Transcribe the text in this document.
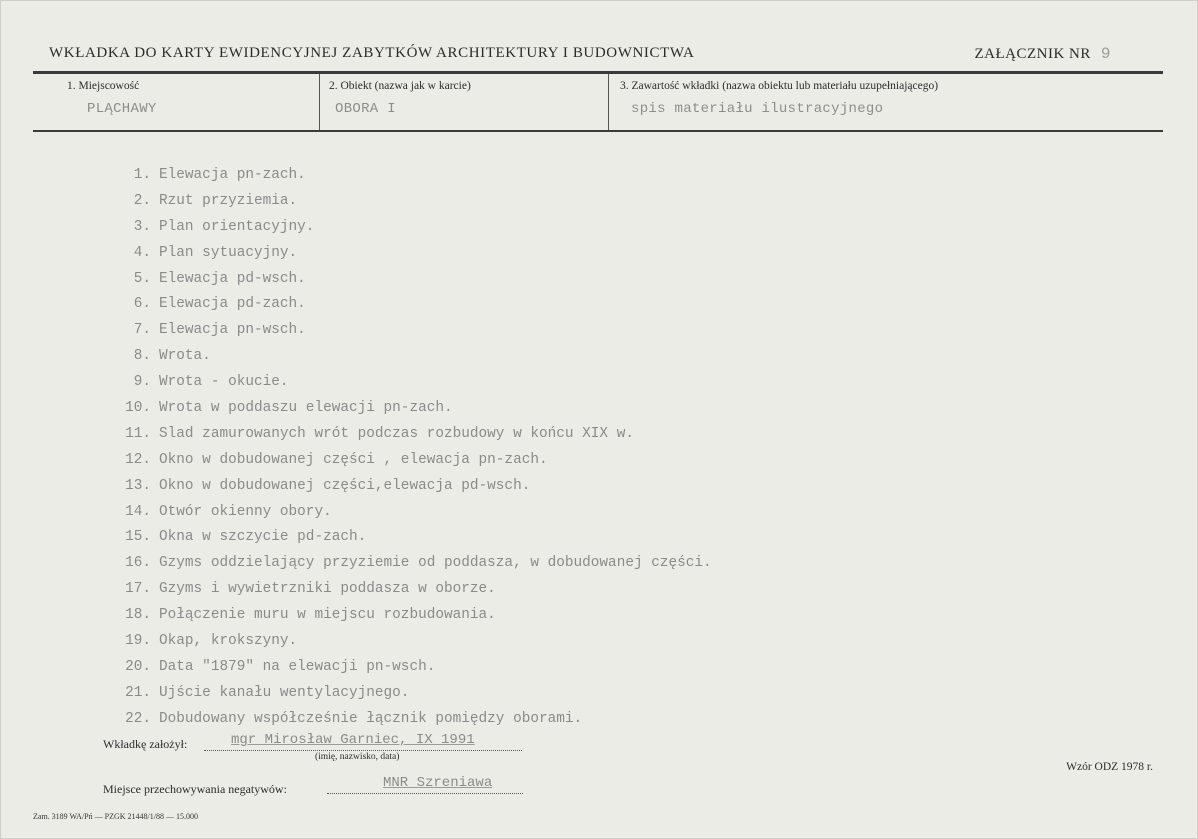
WKŁADKA DO KARTY EWIDENCYJNEJ ZABYTKÓW ARCHITEKTURY I BUDOWNICTWA	ZAŁĄCZNIK NR 9
1. Miejscowość
PLĄCHAWY
2. Obiekt (nazwa jak w karcie)
OBORA I
3. Zawartość wkładki (nazwa obiektu lub materiału uzupełniającego)
spis materiału ilustracyjnego
1. Elewacja pn-zach.
2. Rzut przyziemia.
3. Plan orientacyjny.
4. Plan sytuacyjny.
5. Elewacja pd-wsch.
6. Elewacja pd-zach.
7. Elewacja pn-wsch.
8. Wrota.
9. Wrota - okucie.
10. Wrota w poddaszu elewacji pn-zach.
11. Slad zamurowanych wrót podczas rozbudowy w końcu XIX w.
12. Okno w dobudowanej części , elewacja pn-zach.
13. Okno w dobudowanej części,elewacja pd-wsch.
14. Otwór okienny obory.
15. Okna w szczycie pd-zach.
16. Gzyms oddzielający przyziemie od poddasza, w dobudowanej części.
17. Gzyms i wywietrzniki poddasza w oborze.
18. Połączenie muru w miejscu rozbudowania.
19. Okap, krokszyny.
20. Data "1879" na elewacji pn-wsch.
21. Ujście kanału wentylacyjnego.
22. Dobudowany współcześnie łącznik pomiędzy oborami.
Wkładkę założył:	mgr Mirosław Garniec, IX 1991
(imię, nazwisko, data)
Miejsce przechowywania negatywów:	MNR Szreniawa
Wzór ODZ 1978 r.
Zam. 3189 WA/Pń — PZGK 21448/1/88 — 15.000
